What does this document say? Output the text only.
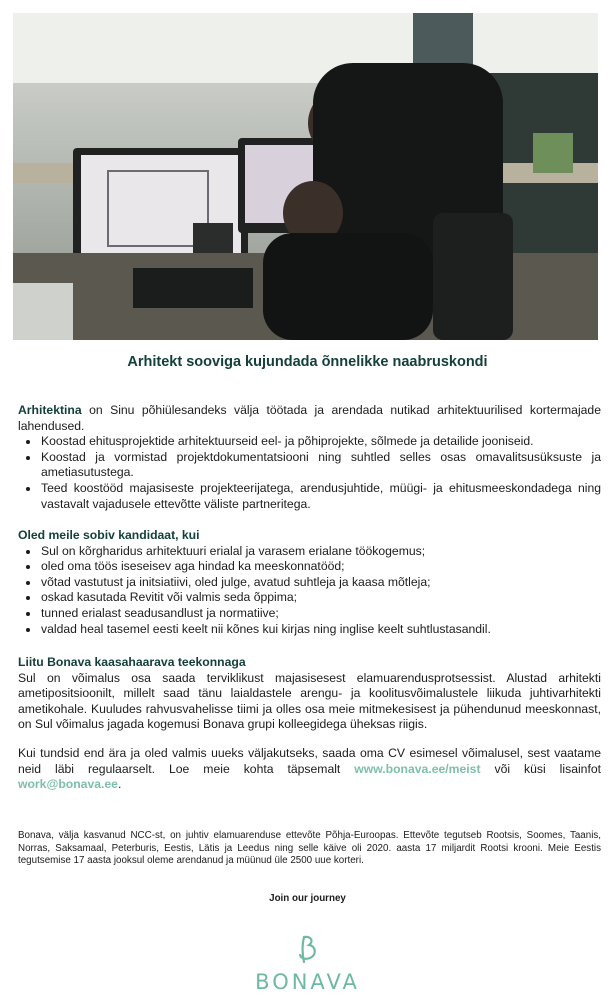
Arhitekt sooviga kujundada õnnelikke naabruskondi

Arhitektina on Sinu põhiülesandeks välja töötada ja arendada nutikad arhitektuurilised kortermajade lahendused.

Koostad ehitusprojektide arhitektuurseid eel- ja põhiprojekte, sõlmede ja detailide jooniseid.
Koostad ja vormistad projektdokumentatsiooni ning suhtled selles osas omavalitsusüksuste ja ametiasutustega.
Teed koostööd majasiseste projekteerijatega, arendusjuhtide, müügi- ja ehitusmeeskondadega ning vastavalt vajadusele ettevõtte väliste partneritega.
Oled meile sobiv kandidaat, kui
Sul on kõrgharidus arhitektuuri erialal ja varasem erialane töökogemus;
oled oma töös iseseisev aga hindad ka meeskonnatööd;
võtad vastutust ja initsiatiivi, oled julge, avatud suhtleja ja kaasa mõtleja;
oskad kasutada Revitit või valmis seda õppima;
tunned erialast seadusandlust ja normatiive;
valdad heal tasemel eesti keelt nii kõnes kui kirjas ning inglise keelt suhtlustasandil.
Liitu Bonava kaasahaarava teekonnaga

Sul on võimalus osa saada terviklikust majasisesest elamuarendusprotsessist. Alustad arhitekti ametipositsioonilt, millelt saad tänu laialdastele arengu- ja koolitusvõimalustele liikuda juhtivarhitekti ametikohale. Kuuludes rahvusvahelisse tiimi ja olles osa meie mitmekesisest ja pühendunud meeskonnast, on Sul võimalus jagada kogemusi Bonava grupi kolleegidega üheksas riigis.

Kui tundsid end ära ja oled valmis uueks väljakutseks, saada oma CV esimesel võimalusel, sest vaatame neid läbi regulaarselt. Loe meie kohta täpsemalt www.bonava.ee/meist või küsi lisainfot work@bonava.ee.

Bonava, välja kasvanud NCC-st, on juhtiv elamuarenduse ettevõte Põhja-Euroopas. Ettevõte tegutseb Rootsis, Soomes, Taanis, Norras, Saksamaal, Peterburis, Eestis, Lätis ja Leedus ning selle käive oli 2020. aasta 17 miljardit Rootsi krooni. Meie Eestis tegutsemise 17 aasta jooksul oleme arendanud ja müünud üle 2500 uue korteri.

Join our journey
BONAVA
